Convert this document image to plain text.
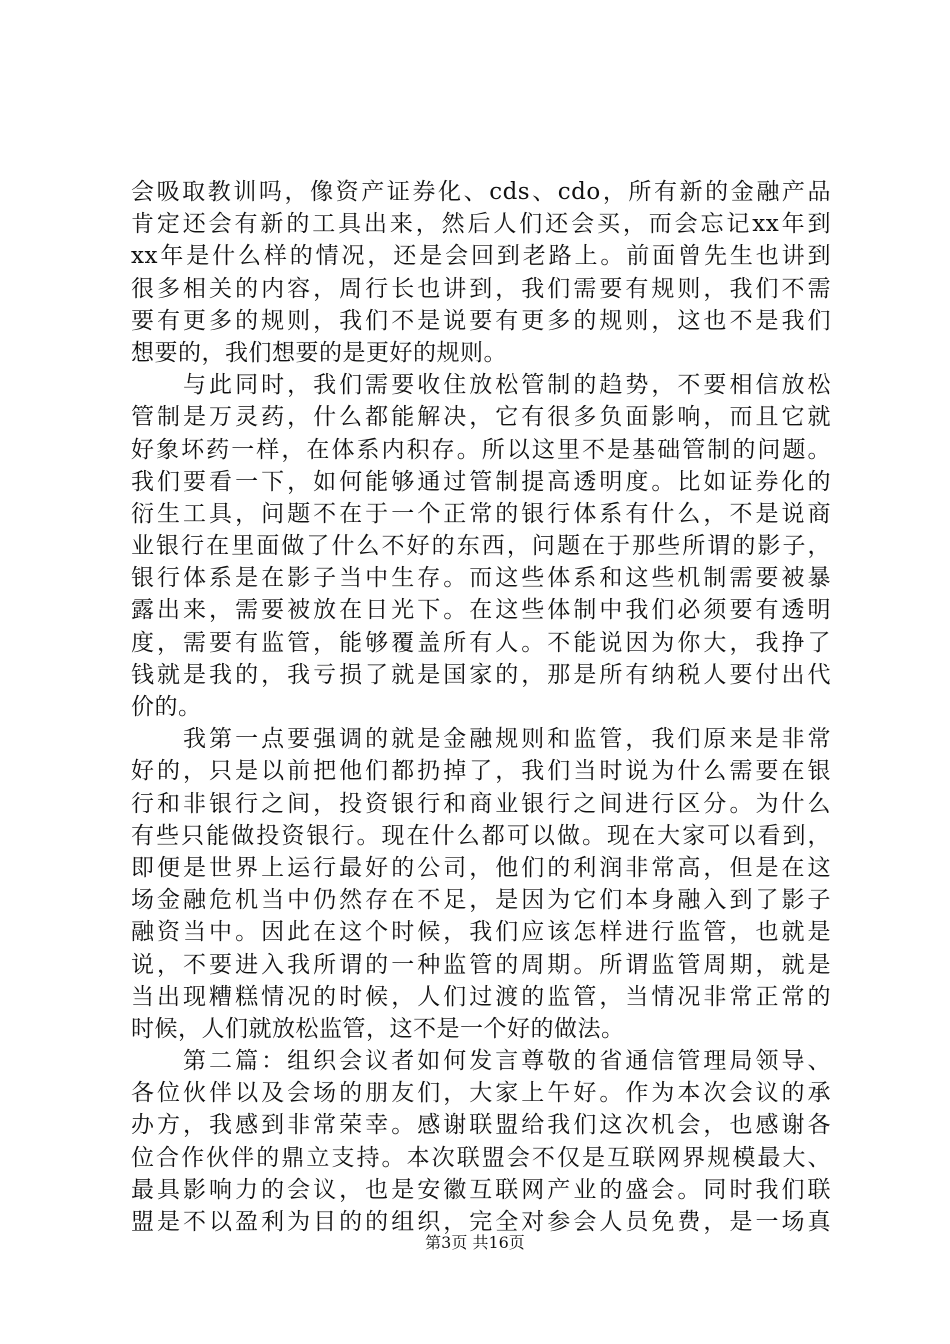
会吸取教训吗，像资产证券化、cds、cdo，所有新的金融产品
肯定还会有新的工具出来，然后人们还会买，而会忘记xx年到
xx年是什么样的情况，还是会回到老路上。前面曾先生也讲到
很多相关的内容，周行长也讲到，我们需要有规则，我们不需
要有更多的规则，我们不是说要有更多的规则，这也不是我们
想要的，我们想要的是更好的规则。
　　与此同时，我们需要收住放松管制的趋势，不要相信放松
管制是万灵药，什么都能解决，它有很多负面影响，而且它就
好象坏药一样，在体系内积存。所以这里不是基础管制的问题。
我们要看一下，如何能够通过管制提高透明度。比如证券化的
衍生工具，问题不在于一个正常的银行体系有什么，不是说商
业银行在里面做了什么不好的东西，问题在于那些所谓的影子，
银行体系是在影子当中生存。而这些体系和这些机制需要被暴
露出来，需要被放在日光下。在这些体制中我们必须要有透明
度，需要有监管，能够覆盖所有人。不能说因为你大，我挣了
钱就是我的，我亏损了就是国家的，那是所有纳税人要付出代
价的。
　　我第一点要强调的就是金融规则和监管，我们原来是非常
好的，只是以前把他们都扔掉了，我们当时说为什么需要在银
行和非银行之间，投资银行和商业银行之间进行区分。为什么
有些只能做投资银行。现在什么都可以做。现在大家可以看到，
即便是世界上运行最好的公司，他们的利润非常高，但是在这
场金融危机当中仍然存在不足，是因为它们本身融入到了影子
融资当中。因此在这个时候，我们应该怎样进行监管，也就是
说，不要进入我所谓的一种监管的周期。所谓监管周期，就是
当出现糟糕情况的时候，人们过渡的监管，当情况非常正常的
时候，人们就放松监管，这不是一个好的做法。
　　第二篇：组织会议者如何发言尊敬的省通信管理局领导、
各位伙伴以及会场的朋友们，大家上午好。作为本次会议的承
办方，我感到非常荣幸。感谢联盟给我们这次机会，也感谢各
位合作伙伴的鼎立支持。本次联盟会不仅是互联网界规模最大、
最具影响力的会议，也是安徽互联网产业的盛会。同时我们联
盟是不以盈利为目的的组织，完全对参会人员免费，是一场真
第3页 共16页
